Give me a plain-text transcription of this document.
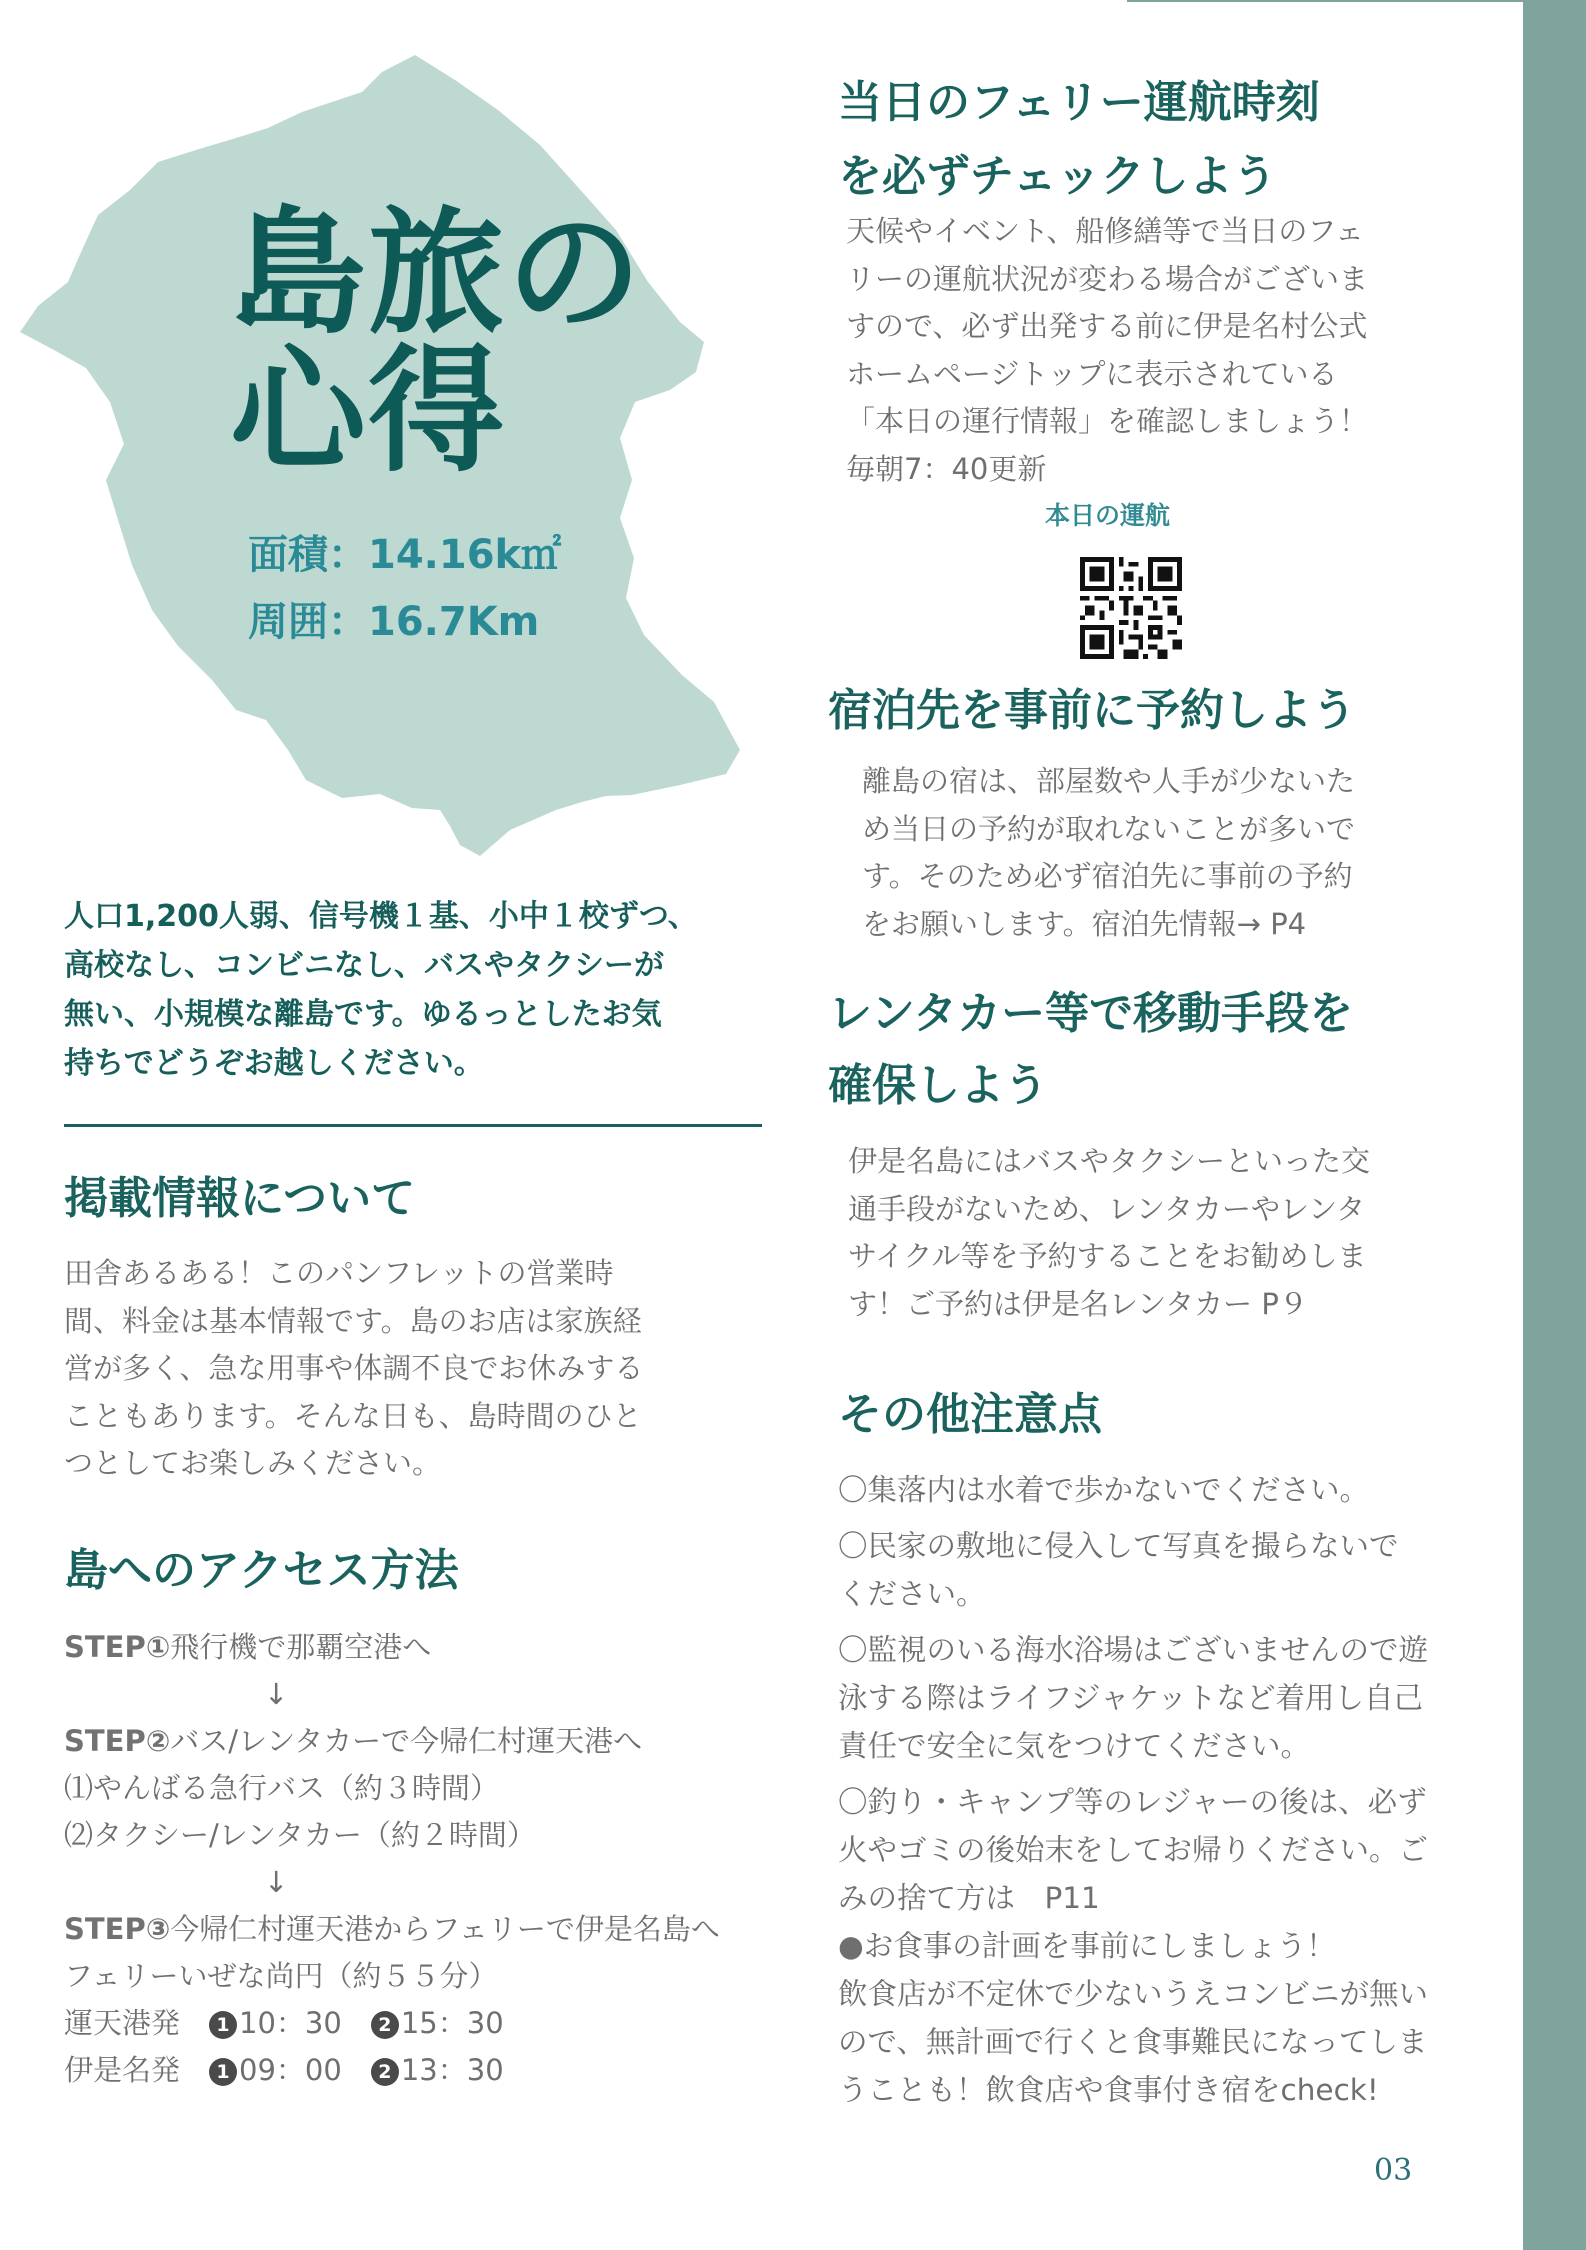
島旅の
心得
面積：14.16k㎡
周囲：16.7Km

人口1,200人弱、信号機１基、小中１校ずつ、
高校なし、コンビニなし、バスやタクシーが
無い、小規模な離島です。ゆるっとしたお気
持ちでどうぞお越しください。

掲載情報について

田舎あるある！このパンフレットの営業時
間、料金は基本情報です。島のお店は家族経
営が多く、急な用事や体調不良でお休みする
こともあります。そんな日も、島時間のひと
つとしてお楽しみください。

島へのアクセス方法
STEP①飛行機で那覇空港へ
↓
STEP②バス/レンタカーで今帰仁村運天港へ
⑴やんばる急行バス（約３時間）
⑵タクシー/レンタカー（約２時間）
↓
STEP③今帰仁村運天港からフェリーで伊是名島へ
フェリーいぜな尚円（約５５分）
運天港発　 1 10：30　 2 15：30
伊是名発　 1 09：00　 2 13：30
当日のフェリー運航時刻
を必ずチェックしよう

天候やイベント、船修繕等で当日のフェ
リーの運航状況が変わる場合がございま
すので、必ず出発する前に伊是名村公式
ホームページトップに表示されている
「本日の運行情報」を確認しましょう！
毎朝7：40更新

本日の運航
宿泊先を事前に予約しよう

離島の宿は、部屋数や人手が少ないた
め当日の予約が取れないことが多いで
す。そのため必ず宿泊先に事前の予約
をお願いします。宿泊先情報→ P4

レンタカー等で移動手段を
確保しよう

伊是名島にはバスやタクシーといった交
通手段がないため、レンタカーやレンタ
サイクル等を予約することをお勧めしま
す！ご予約は伊是名レンタカー P９

その他注意点
〇集落内は水着で歩かないでください。
〇民家の敷地に侵入して写真を撮らないで
ください。
〇監視のいる海水浴場はございませんので遊
泳する際はライフジャケットなど着用し自己
責任で安全に気をつけてください。
〇釣り・キャンプ等のレジャーの後は、必ず
火やゴミの後始末をしてお帰りください。ご
みの捨て方は　P11
●お食事の計画を事前にしましょう！
飲食店が不定休で少ないうえコンビニが無い
ので、無計画で行くと食事難民になってしま
うことも！飲食店や食事付き宿をcheck!
03
